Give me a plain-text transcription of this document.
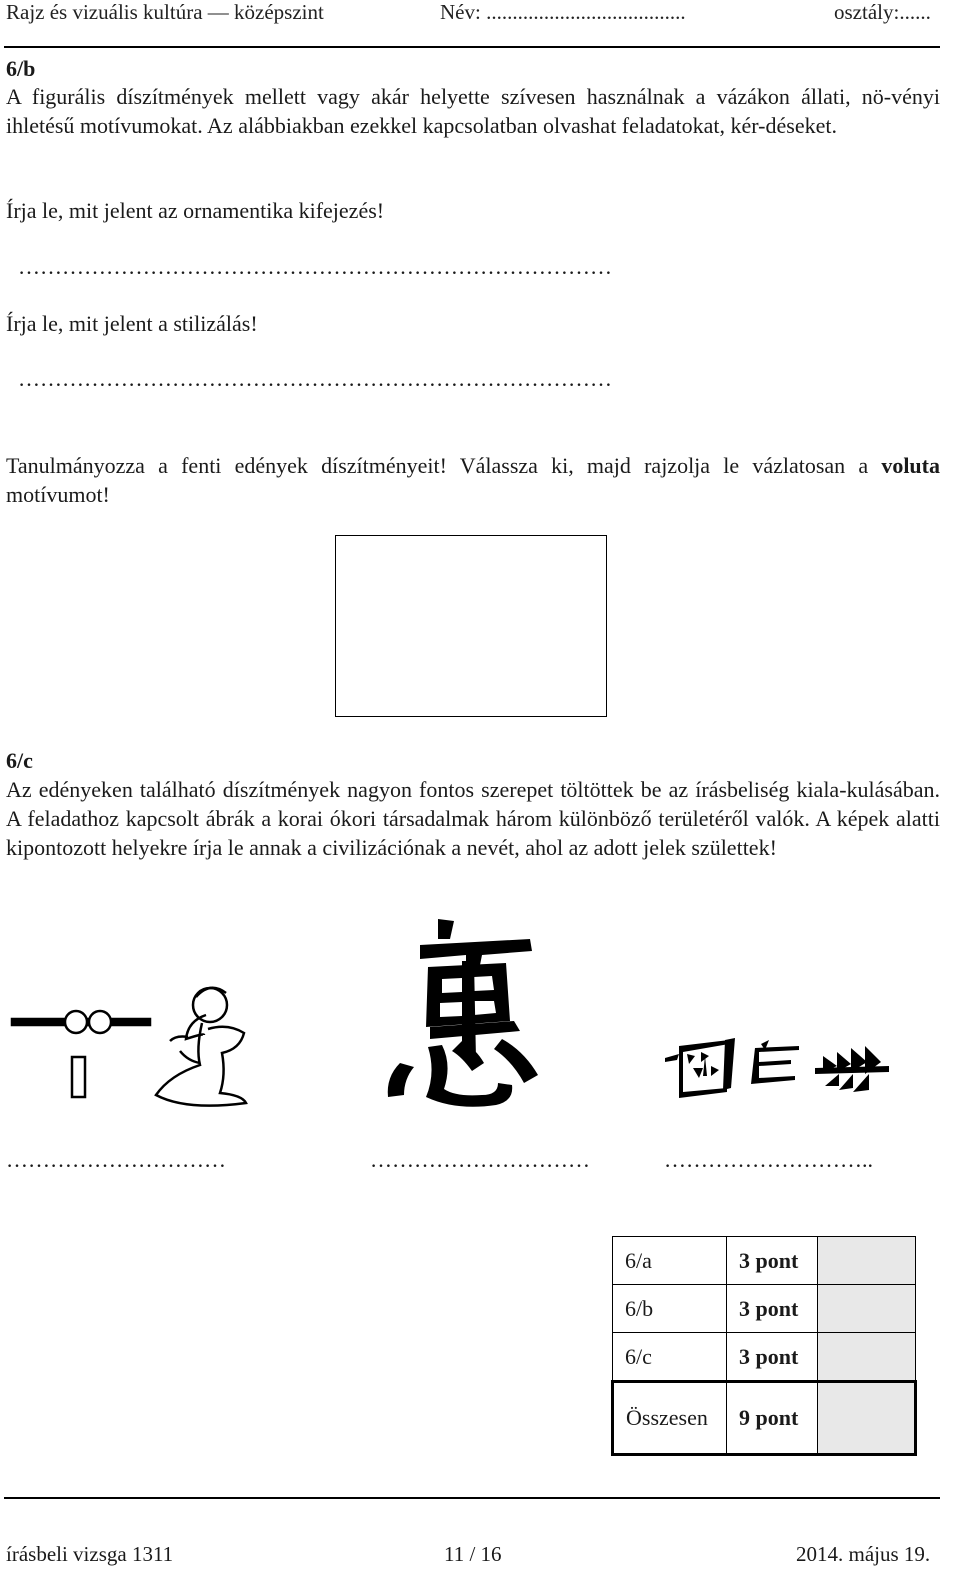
Rajz és vizuális kultúra — középszint	Név: ......................................	osztály:......
6/b
A figurális díszítmények mellett vagy akár helyette szívesen használnak a vázákon állati, nö-vényi ihletésű motívumokat. Az alábbiakban ezekkel kapcsolatban olvashat feladatokat, kér-déseket.
Írja le, mit jelent az ornamentika kifejezés!
………………………………………………………………………
Írja le, mit jelent a stilizálás!
………………………………………………………………………
Tanulmányozza a fenti edények díszítményeit! Válassza ki, majd rajzolja le vázlatosan a voluta motívumot!
6/c
Az edényeken található díszítmények nagyon fontos szerepet töltöttek be az írásbeliség kiala-kulásában. A feladathoz kapcsolt ábrák a korai ókori társadalmak három különböző területéről valók. A képek alatti kipontozott helyekre írja le annak a civilizációnak a nevét, ahol az adott jelek születtek!
…………………………	…………………………	………………………..
6/a	3 pont	
6/b	3 pont	
6/c	3 pont	
Összesen	9 pont	
írásbeli vizsga 1311	11 / 16	2014. május 19.
